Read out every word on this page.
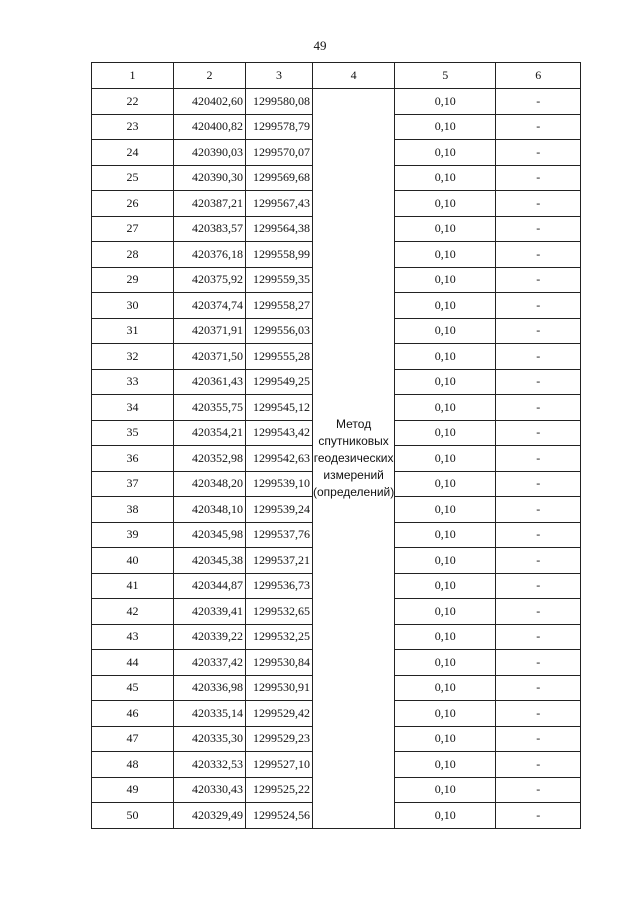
49
1	2	3	4	5	6
22	420402,60	1299580,08	Метод
спутниковых
геодезических
измерений
(определений)	0,10	-
23	420400,82	1299578,79		0,10	-
24	420390,03	1299570,07		0,10	-
25	420390,30	1299569,68		0,10	-
26	420387,21	1299567,43		0,10	-
27	420383,57	1299564,38		0,10	-
28	420376,18	1299558,99		0,10	-
29	420375,92	1299559,35		0,10	-
30	420374,74	1299558,27		0,10	-
31	420371,91	1299556,03		0,10	-
32	420371,50	1299555,28		0,10	-
33	420361,43	1299549,25		0,10	-
34	420355,75	1299545,12		0,10	-
35	420354,21	1299543,42		0,10	-
36	420352,98	1299542,63		0,10	-
37	420348,20	1299539,10		0,10	-
38	420348,10	1299539,24		0,10	-
39	420345,98	1299537,76		0,10	-
40	420345,38	1299537,21		0,10	-
41	420344,87	1299536,73		0,10	-
42	420339,41	1299532,65		0,10	-
43	420339,22	1299532,25		0,10	-
44	420337,42	1299530,84		0,10	-
45	420336,98	1299530,91		0,10	-
46	420335,14	1299529,42		0,10	-
47	420335,30	1299529,23		0,10	-
48	420332,53	1299527,10		0,10	-
49	420330,43	1299525,22		0,10	-
50	420329,49	1299524,56		0,10	-
